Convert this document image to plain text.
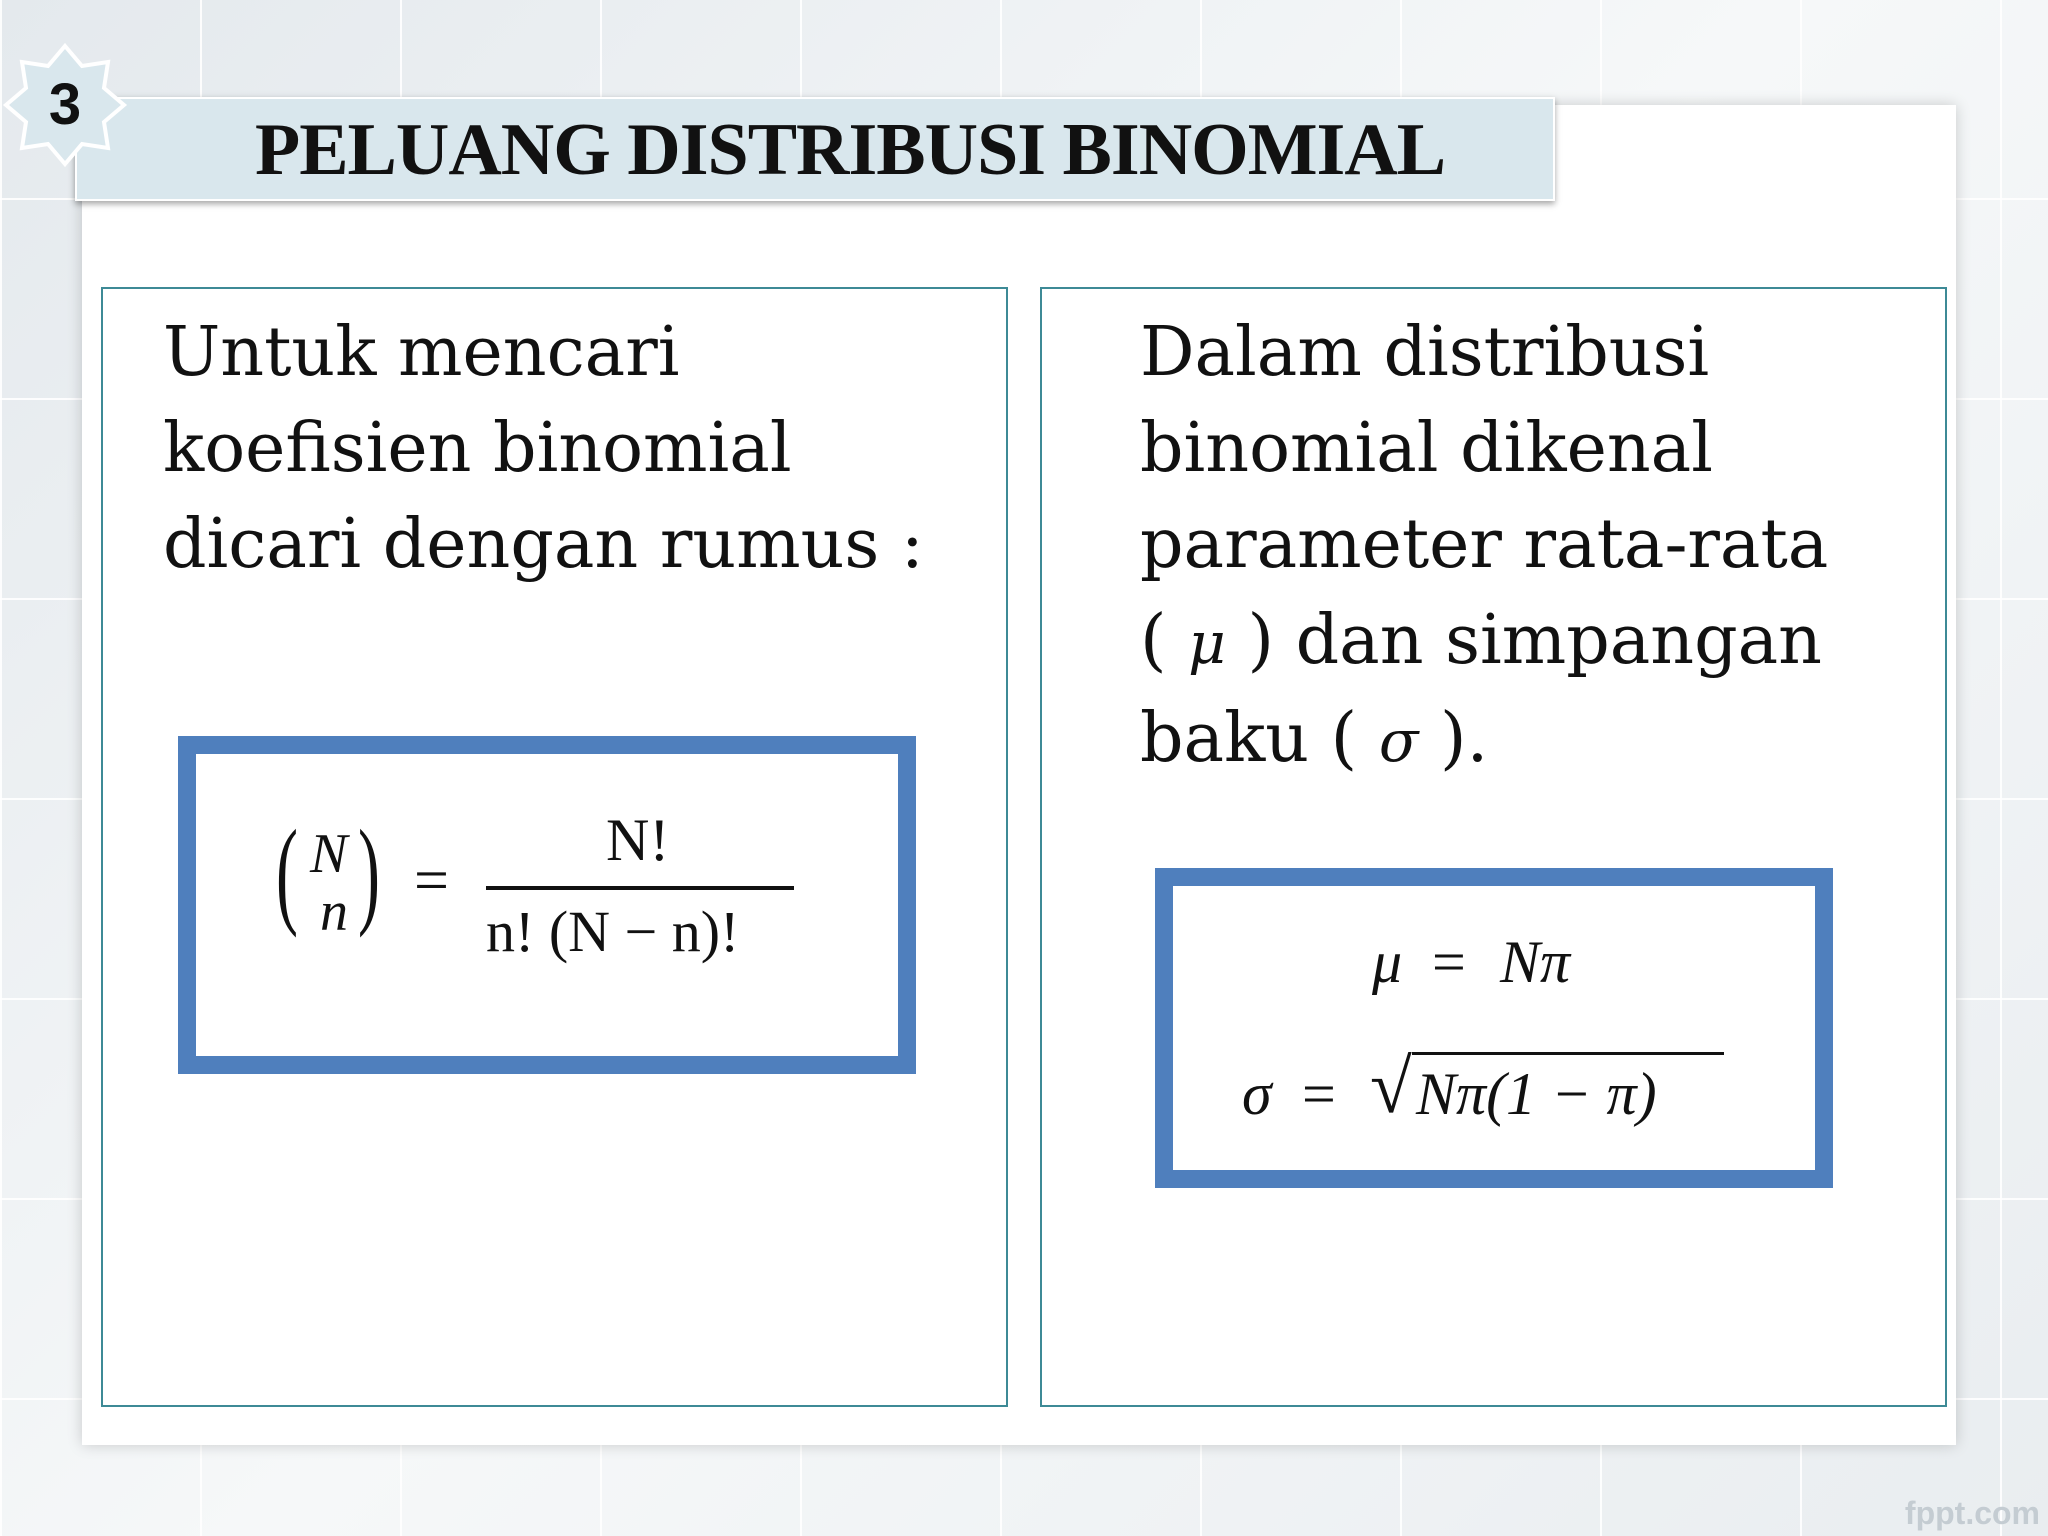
PELUANG DISTRIBUSI BINOMIAL
3
Untuk mencari
koefisien binomial
dicari dengan rumus :
( N
n ) =
N!
n! (N − n)!
Dalam distribusi
binomial dikenal
parameter rata-rata
( μ ) dan simpangan
baku ( σ ).
μ = Nπ
σ = √ Nπ(1 − π)
fppt.com
